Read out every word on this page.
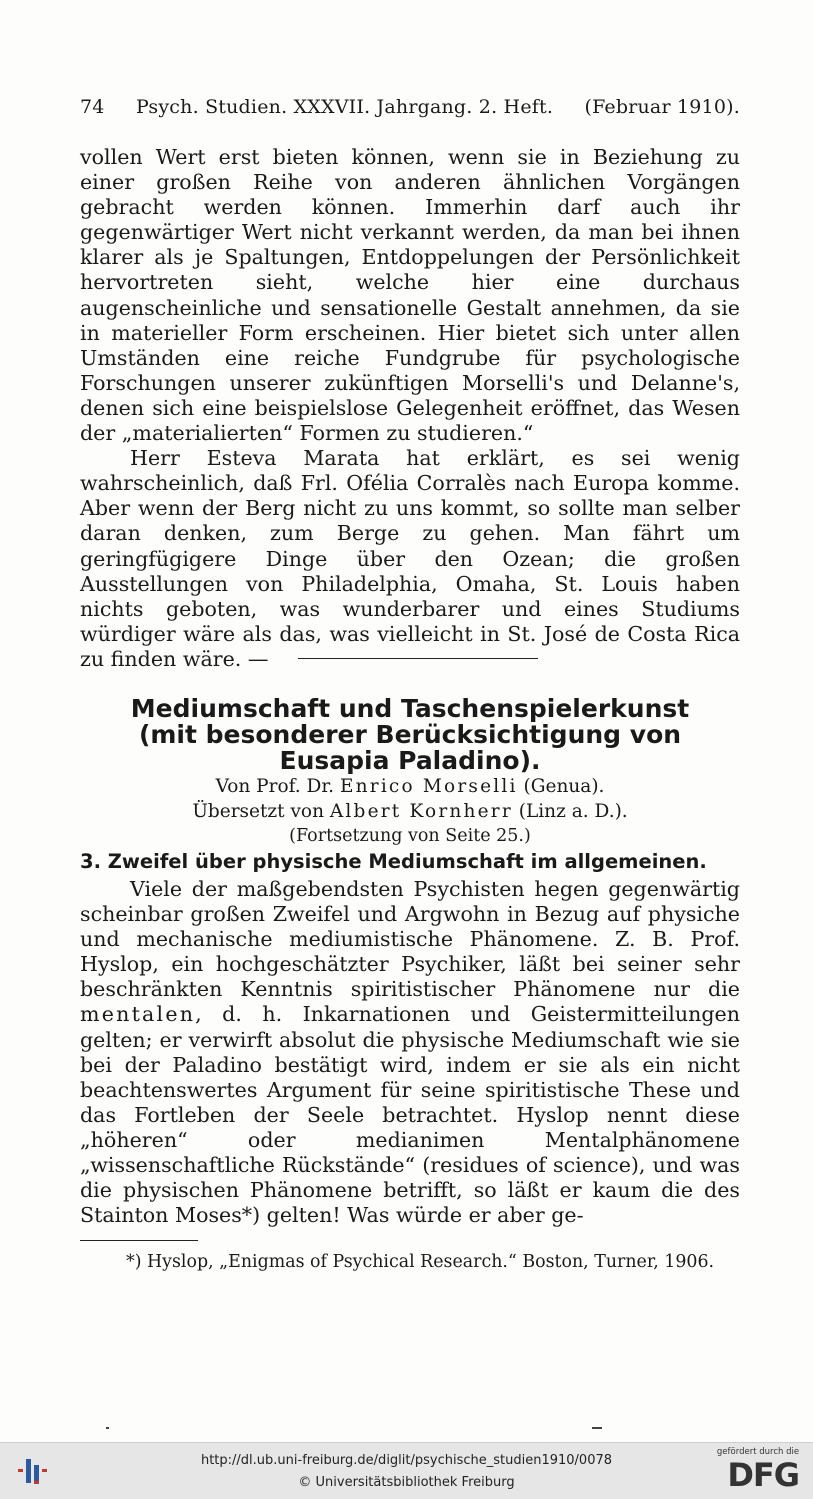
74 Psych. Studien. XXXVII. Jahrgang. 2. Heft. (Februar 1910).

vollen Wert erst bieten können, wenn sie in Beziehung zu einer großen Reihe von anderen ähnlichen Vorgängen gebracht werden können. Immerhin darf auch ihr gegenwärtiger Wert nicht verkannt werden, da man bei ihnen klarer als je Spaltungen, Entdoppelungen der Persönlichkeit hervortreten sieht, welche hier eine durchaus augenscheinliche und sensationelle Gestalt annehmen, da sie in materieller Form erscheinen. Hier bietet sich unter allen Umständen eine reiche Fundgrube für psychologische Forschungen unserer zukünftigen Morselli's und Delanne's, denen sich eine beispielslose Gelegenheit eröffnet, das Wesen der „materialierten“ Formen zu studieren.“

Herr Esteva Marata hat erklärt, es sei wenig wahrscheinlich, daß Frl. Ofélia Corralès nach Europa komme. Aber wenn der Berg nicht zu uns kommt, so sollte man selber daran denken, zum Berge zu gehen. Man fährt um geringfügigere Dinge über den Ozean; die großen Ausstellungen von Philadelphia, Omaha, St. Louis haben nichts geboten, was wunderbarer und eines Studiums würdiger wäre als das, was vielleicht in St. José de Costa Rica zu finden wäre. —

Mediumschaft und Taschenspielerkunst
(mit besonderer Berücksichtigung von
Eusapia Paladino).
Von Prof. Dr. Enrico Morselli (Genua).
Übersetzt von Albert Kornherr (Linz a. D.).
(Fortsetzung von Seite 25.)
3. Zweifel über physische Mediumschaft im allgemeinen.

Viele der maßgebendsten Psychisten hegen gegenwärtig scheinbar großen Zweifel und Argwohn in Bezug auf physiche und mechanische mediumistische Phänomene. Z. B. Prof. Hyslop, ein hochgeschätzter Psychiker, läßt bei seiner sehr beschränkten Kenntnis spiritistischer Phänomene nur die mentalen, d. h. Inkarnationen und Geistermitteilungen gelten; er verwirft absolut die physische Mediumschaft wie sie bei der Paladino bestätigt wird, indem er sie als ein nicht beachtenswertes Argument für seine spiritistische These und das Fortleben der Seele betrachtet. Hyslop nennt diese „höheren“ oder medianimen Mentalphänomene „wissenschaftliche Rückstände“ (residues of science), und was die physischen Phänomene betrifft, so läßt er kaum die des Stainton Moses*) gelten! Was würde er aber ge-

*) Hyslop, „Enigmas of Psychical Research.“ Boston, Turner, 1906.

http://dl.ub.uni-freiburg.de/diglit/psychische_studien1910/0078
© Universitätsbibliothek Freiburg
gefördert durch die
DFG
